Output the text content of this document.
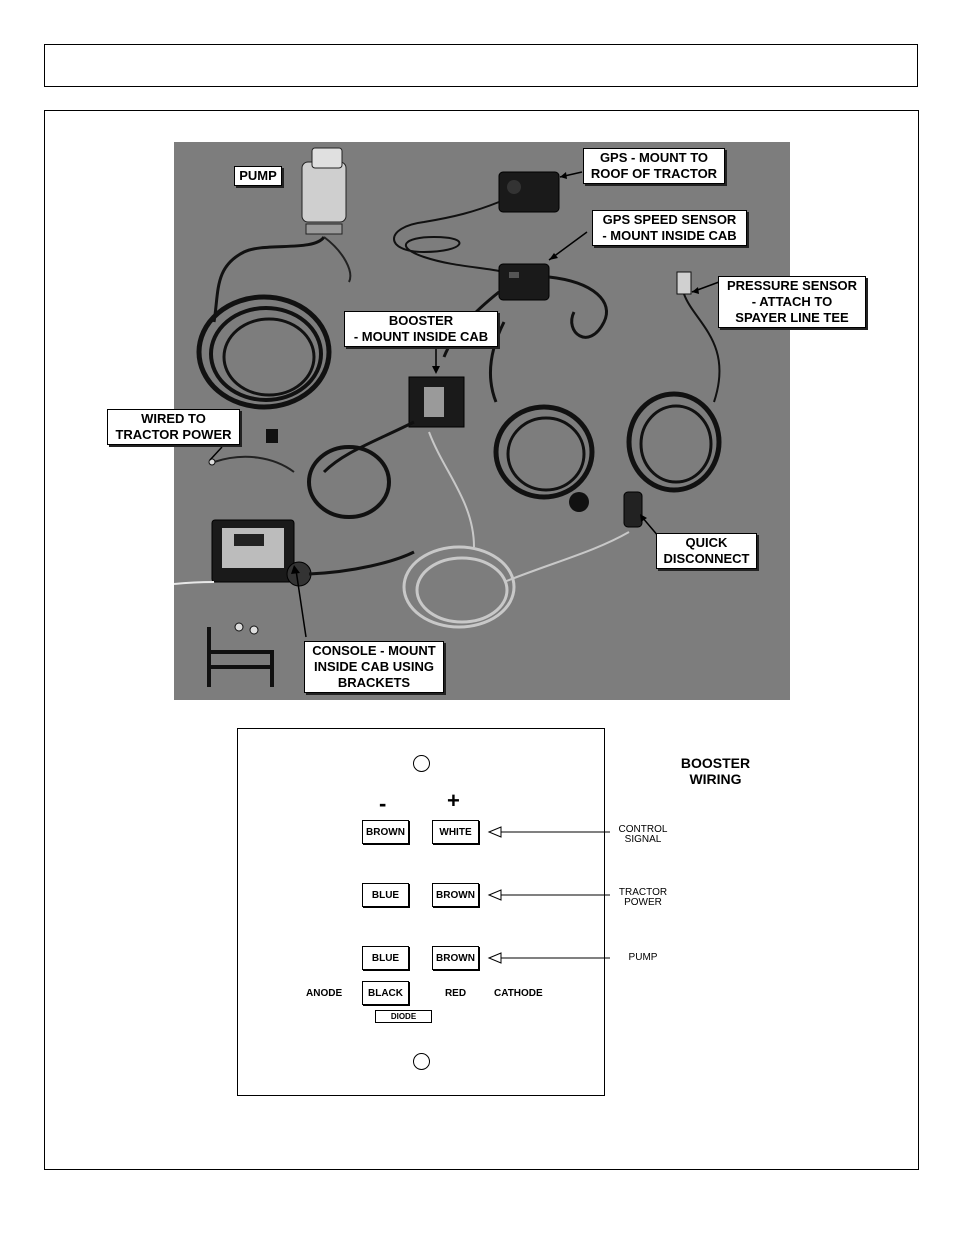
PUMP
GPS - MOUNT TO
ROOF OF TRACTOR
GPS SPEED SENSOR
- MOUNT INSIDE CAB
PRESSURE SENSOR
- ATTACH TO
SPAYER LINE TEE
BOOSTER
- MOUNT INSIDE CAB
WIRED TO
TRACTOR POWER
QUICK
DISCONNECT
CONSOLE - MOUNT
INSIDE CAB USING
BRACKETS
-	+
BROWN	WHITE
BLUE	BROWN
BLUE	BROWN
ANODE	BLACK	RED	CATHODE
DIODE
CONTROL
SIGNAL
TRACTOR
POWER
PUMP
BOOSTER
WIRING
